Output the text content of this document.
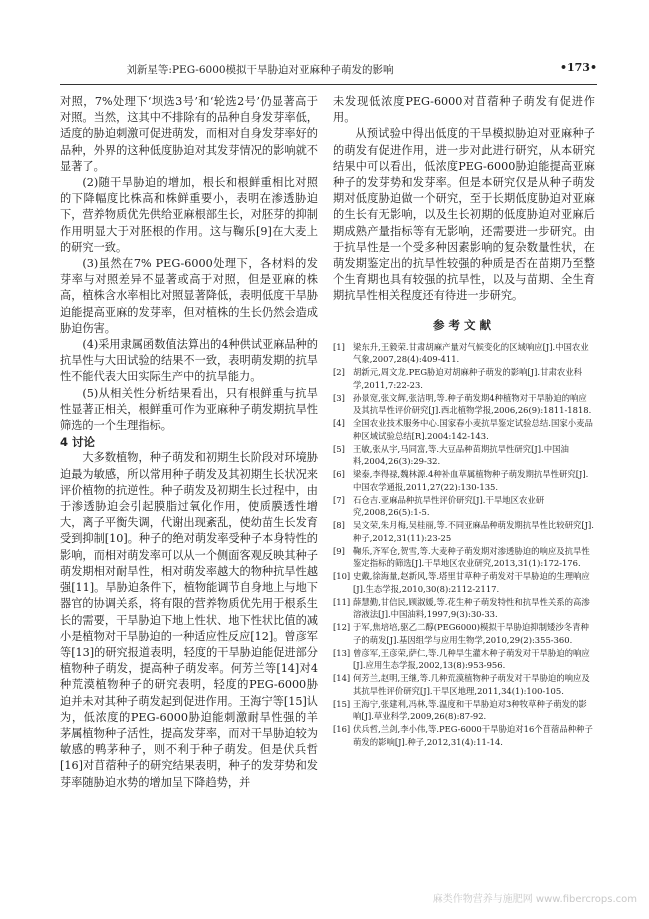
刘新星等:PEG-6000模拟干旱胁迫对亚麻种子萌发的影响	•173•

对照，7%处理下‘坝选3号’和‘轮选2号’仍显著高于对照。当然，这其中不排除有的品种自身发芽率低，适度的胁迫刺激可促进萌发，而相对自身发芽率好的品种，外界的这种低度胁迫对其发芽情况的影响就不显著了。

(2)随干旱胁迫的增加，根长和根鲜重相比对照的下降幅度比株高和株鲜重要小，表明在渗透胁迫下，营养物质优先供给亚麻根部生长，对胚芽的抑制作用明显大于对胚根的作用。这与鞠乐[9]在大麦上的研究一致。

(3)虽然在7% PEG-6000处理下，各材料的发芽率与对照差异不显著或高于对照，但是亚麻的株高，植株含水率相比对照显著降低，表明低度干旱胁迫能提高亚麻的发芽率，但对植株的生长仍然会造成胁迫伤害。

(4)采用隶属函数值法算出的4种供试亚麻品种的抗旱性与大田试验的结果不一致，表明萌发期的抗旱性不能代表大田实际生产中的抗旱能力。

(5)从相关性分析结果看出，只有根鲜重与抗旱性显著正相关，根鲜重可作为亚麻种子萌发期抗旱性筛选的一个生理指标。

4 讨论

大多数植物，种子萌发和初期生长阶段对环境胁迫最为敏感，所以常用种子萌发及其初期生长状况来评价植物的抗逆性。种子萌发及初期生长过程中，由于渗透胁迫会引起膜脂过氧化作用，使质膜透性增大，离子平衡失调，代谢出现紊乱，使幼苗生长发育受到抑制[10]。种子的绝对萌发率受种子本身特性的影响，而相对萌发率可以从一个侧面客观反映其种子萌发期相对耐旱性，相对萌发率越大的物种抗旱性越强[11]。旱胁迫条件下，植物能调节自身地上与地下器官的协调关系，将有限的营养物质优先用于根系生长的需要，干旱胁迫下地上性状、地下性状比值的减小是植物对干旱胁迫的一种适应性反应[12]。曾彦军等[13]的研究报道表明，轻度的干旱胁迫能促进部分植物种子萌发，提高种子萌发率。何芳兰等[14]对4种荒漠植物种子的研究表明，轻度的PEG-6000胁迫并未对其种子萌发起到促进作用。王海宁等[15]认为，低浓度的PEG-6000胁迫能刺激耐旱性强的羊茅属植物种子活性，提高发芽率，而对干旱胁迫较为敏感的鸭茅种子，则不利于种子萌发。但是伏兵哲[16]对苜蓿种子的研究结果表明，种子的发芽势和发芽率随胁迫水势的增加呈下降趋势，并

未发现低浓度PEG-6000对苜蓿种子萌发有促进作用。

从预试验中得出低度的干旱模拟胁迫对亚麻种子的萌发有促进作用，进一步对此进行研究，从本研究结果中可以看出，低浓度PEG-6000胁迫能提高亚麻种子的发芽势和发芽率。但是本研究仅是从种子萌发期对低度胁迫做一个研究，至于长期低度胁迫对亚麻的生长有无影响，以及生长初期的低度胁迫对亚麻后期成熟产量指标等有无影响，还需要进一步研究。由于抗旱性是一个受多种因素影响的复杂数量性状，在萌发期鉴定出的抗旱性较强的种质是否在苗期乃至整个生育期也具有较强的抗旱性，以及与苗期、全生育期抗旱性相关程度还有待进一步研究。

参考文献
[1] 梁东升,王毅荣.甘肃胡麻产量对气候变化的区域响应[J].中国农业气象,2007,28(4):409-411.
[2] 胡新元,周文龙.PEG胁迫对胡麻种子萌发的影响[J].甘肃农业科学,2011,7:22-23.
[3] 孙景宽,张文辉,张洁明,等.种子萌发期4种植物对干旱胁迫的响应及其抗旱性评价研究[J].西北植物学报,2006,26(9):1811-1818.
[4] 全国农业技术服务中心.国家春小麦抗旱鉴定试验总结.国家小麦品种区域试验总结[R].2004:142-143.
[5] 王敏,张从宇,马同富,等.大豆品种苗期抗旱性研究[J].中国油料,2004,26(3):29-32.
[6] 梁泰,李得禄,魏林源.4种补血草属植物种子萌发期抗旱性研究[J].中国农学通报,2011,27(22):130-135.
[7] 石仓吉.亚麻品种抗旱性评价研究[J].干旱地区农业研究,2008,26(5):1-5.
[8] 吴文荣,朱月梅,吴桂丽,等.不同亚麻品种萌发期抗旱性比较研究[J].种子,2012,31(11):23-25
[9] 鞠乐,齐军仓,贺雪,等.大麦种子萌发期对渗透胁迫的响应及抗旱性鉴定指标的筛选[J].干旱地区农业研究,2013,31(1):172-176.
[10] 史戴,徐海量,赵新风,等.塔里甘草种子萌发对干旱胁迫的生理响应[J].生态学报,2010,30(8):2112-2117.
[11] 薛慧勤,甘信民,顾淑媛,等.花生种子萌发特性和抗旱性关系的高渗溶液法[J].中国油料,1997,9(3):30-33.
[12] 于军,焦培培,驱乙二醇(PEG6000)模拟干旱胁迫抑制矮沙冬青种子的萌发[J].基因组学与应用生物学,2010,29(2):355-360.
[13] 曾彦军,王彦荣,萨仁,等.几种旱生灌木种子萌发对干旱胁迫的响应[J].应用生态学报,2002,13(8):953-956.
[14] 何芳兰,赵明,王继,等.几种荒漠植物种子萌发对干旱胁迫的响应及其抗旱性评价研究[J].干旱区地理,2011,34(1):100-105.
[15] 王海宁,张建利,冯林,等.温度和干旱胁迫对3种牧草种子萌发的影响[J].草业科学,2009,26(8):87-92.
[16] 伏兵哲,兰剑,李小伟,等.PEG-6000干旱胁迫对16个苜蓿品种种子萌发的影响[J].种子,2012,31(4):11-14.
麻类作物营养与施肥网 www.fibercrops.com
